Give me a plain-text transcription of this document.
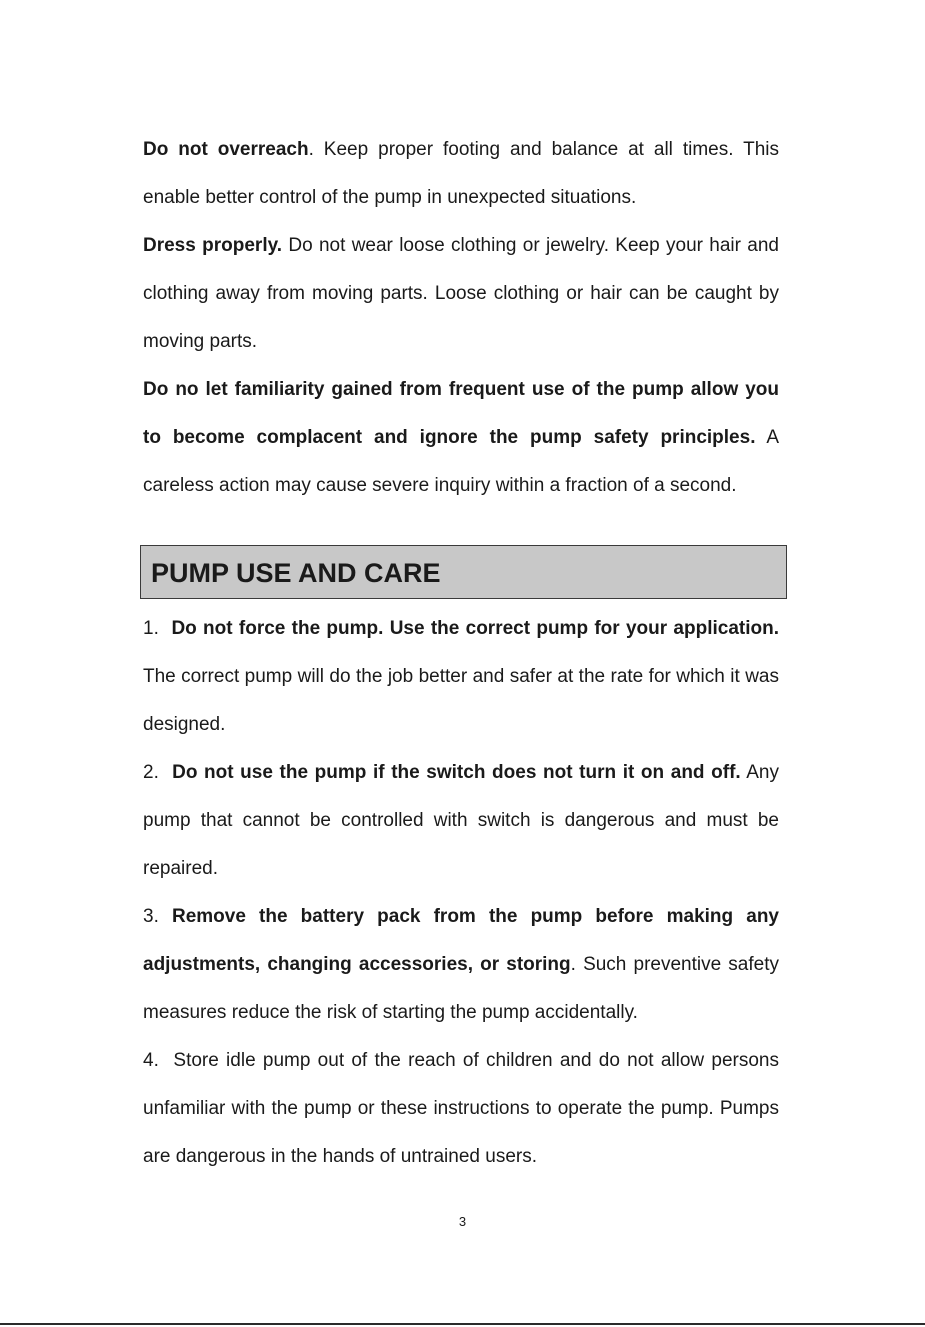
Do not overreach. Keep proper footing and balance at all times. This enable better control of the pump in unexpected situations.

Dress properly. Do not wear loose clothing or jewelry. Keep your hair and clothing away from moving parts. Loose clothing or hair can be caught by moving parts.

Do no let familiarity gained from frequent use of the pump allow you to become complacent and ignore the pump safety principles. A careless action may cause severe inquiry within a fraction of a second.

PUMP USE AND CARE

1. Do not force the pump. Use the correct pump for your application. The correct pump will do the job better and safer at the rate for which it was designed.

2. Do not use the pump if the switch does not turn it on and off. Any pump that cannot be controlled with switch is dangerous and must be repaired.

3. Remove the battery pack from the pump before making any adjustments, changing accessories, or storing. Such preventive safety measures reduce the risk of starting the pump accidentally.

4. Store idle pump out of the reach of children and do not allow persons unfamiliar with the pump or these instructions to operate the pump. Pumps are dangerous in the hands of untrained users.

3
